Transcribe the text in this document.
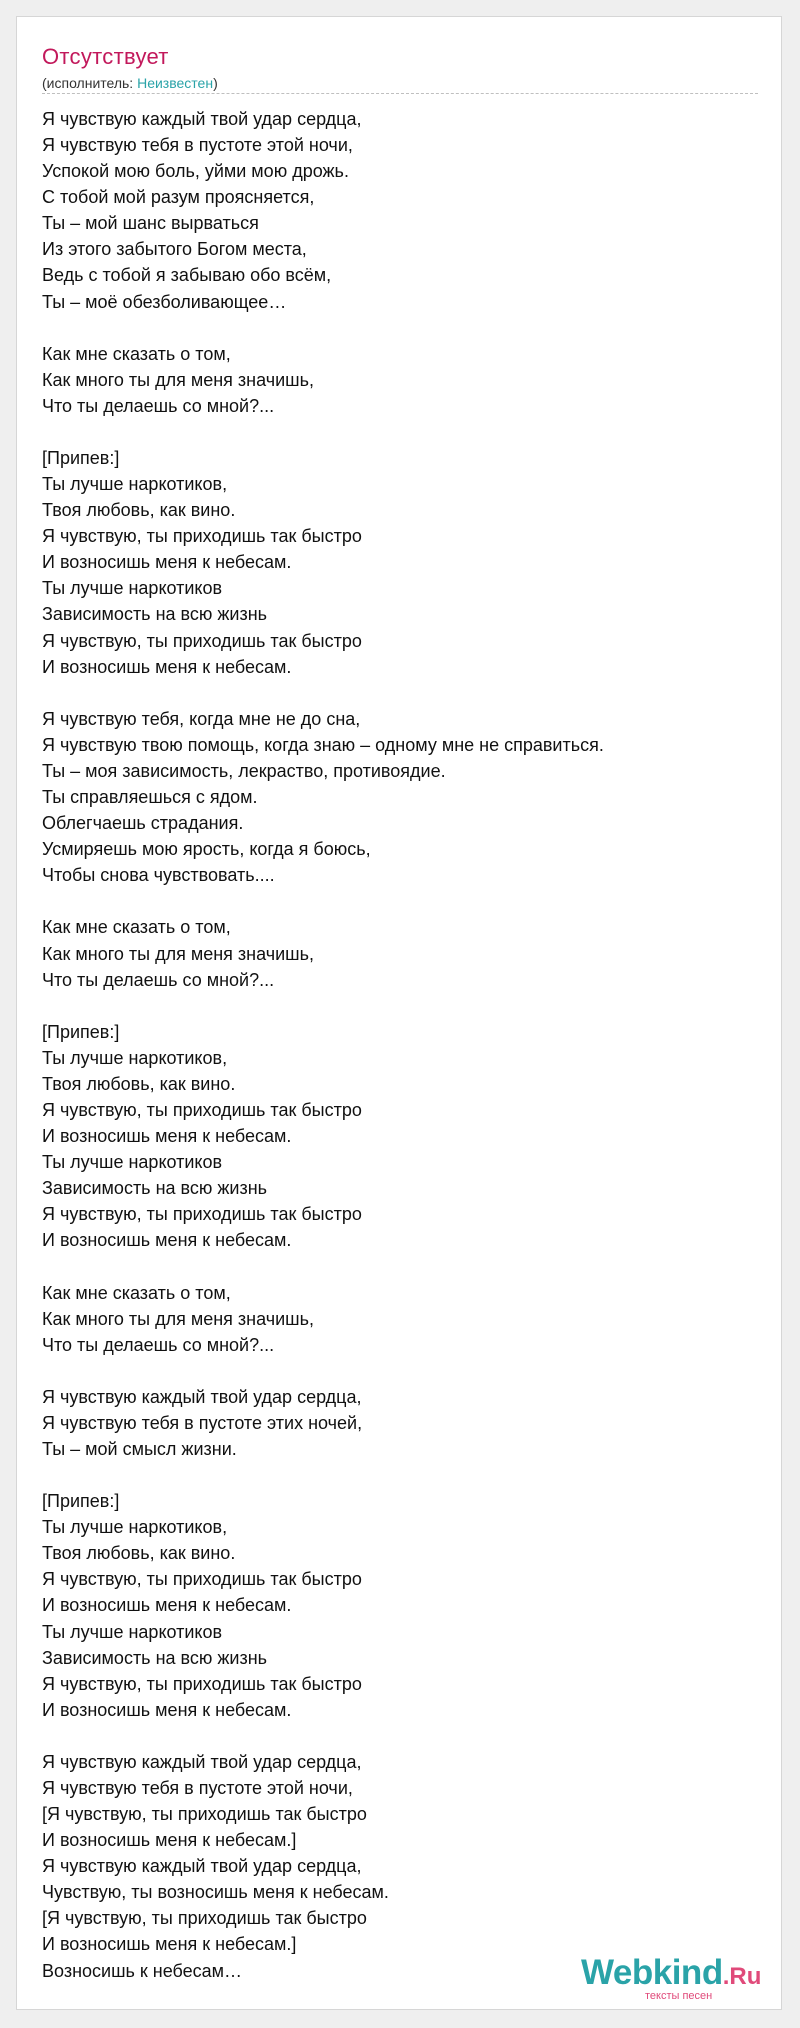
Отсутствует
(исполнитель: Неизвестен)
Я чувствую каждый твой удар сердца,
Я чувствую тебя в пустоте этой ночи,
Успокой мою боль, уйми мою дрожь.
С тобой мой разум проясняется,
Ты – мой шанс вырваться
Из этого забытого Богом места,
Ведь с тобой я забываю обо всём,
Ты – моё обезболивающее…
Как мне сказать о том,
Как много ты для меня значишь,
Что ты делаешь со мной?...
[Припев:]
Ты лучше наркотиков,
Твоя любовь, как вино.
Я чувствую, ты приходишь так быстро
И возносишь меня к небесам.
Ты лучше наркотиков
Зависимость на всю жизнь
Я чувствую, ты приходишь так быстро
И возносишь меня к небесам.
Я чувствую тебя, когда мне не до сна,
Я чувствую твою помощь, когда знаю – одному мне не справиться.
Ты – моя зависимость, лекраство, противоядие.
Ты справляешься с ядом.
Облегчаешь страдания.
Усмиряешь мою ярость, когда я боюсь,
Чтобы снова чувствовать....
Как мне сказать о том,
Как много ты для меня значишь,
Что ты делаешь со мной?...
[Припев:]
Ты лучше наркотиков,
Твоя любовь, как вино.
Я чувствую, ты приходишь так быстро
И возносишь меня к небесам.
Ты лучше наркотиков
Зависимость на всю жизнь
Я чувствую, ты приходишь так быстро
И возносишь меня к небесам.
Как мне сказать о том,
Как много ты для меня значишь,
Что ты делаешь со мной?...
Я чувствую каждый твой удар сердца,
Я чувствую тебя в пустоте этих ночей,
Ты – мой смысл жизни.
[Припев:]
Ты лучше наркотиков,
Твоя любовь, как вино.
Я чувствую, ты приходишь так быстро
И возносишь меня к небесам.
Ты лучше наркотиков
Зависимость на всю жизнь
Я чувствую, ты приходишь так быстро
И возносишь меня к небесам.
Я чувствую каждый твой удар сердца,
Я чувствую тебя в пустоте этой ночи,
[Я чувствую, ты приходишь так быстро
И возносишь меня к небесам.]
Я чувствую каждый твой удар сердца,
Чувствую, ты возносишь меня к небесам.
[Я чувствую, ты приходишь так быстро
И возносишь меня к небесам.]
Возносишь к небесам…	Webkind.Ru
тексты песен
